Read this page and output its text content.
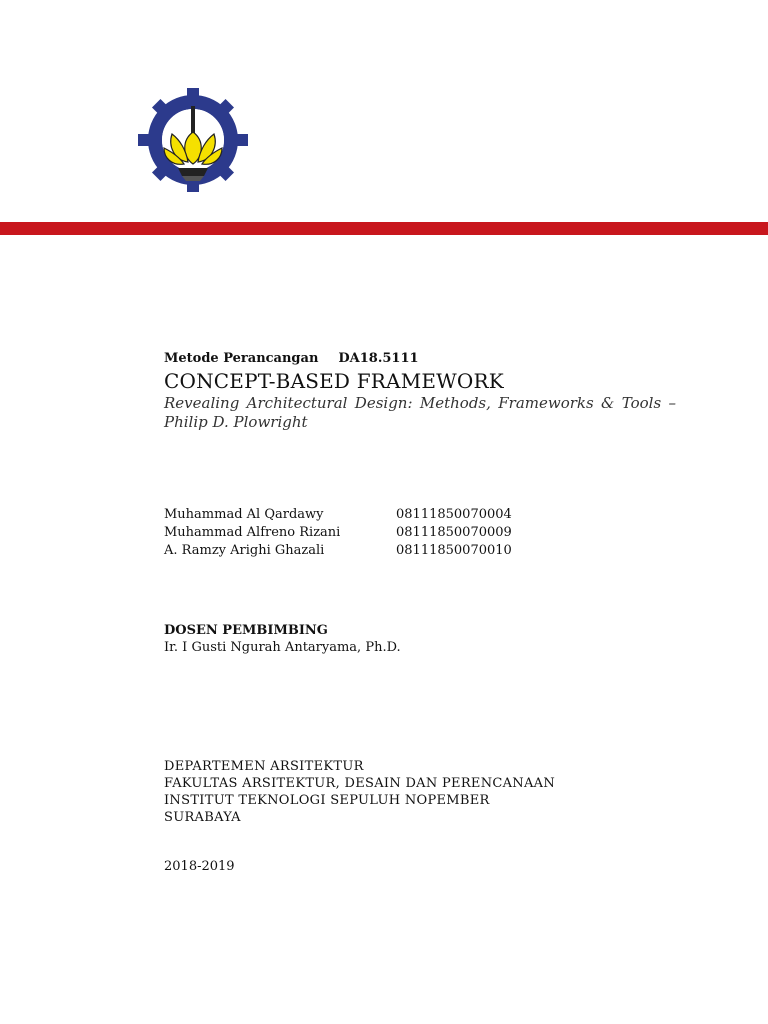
Metode Perancangan DA18.5111
CONCEPT-BASED FRAMEWORK
Revealing Architectural Design: Methods, Frameworks & Tools –
Philip D. Plowright
Muhammad Al Qardawy	08111850070004
Muhammad Alfreno Rizani	08111850070009
A. Ramzy Arighi Ghazali	08111850070010
DOSEN PEMBIMBING
Ir. I Gusti Ngurah Antaryama, Ph.D.
DEPARTEMEN ARSITEKTUR
FAKULTAS ARSITEKTUR, DESAIN DAN PERENCANAAN
INSTITUT TEKNOLOGI SEPULUH NOPEMBER
SURABAYA
2018-2019
